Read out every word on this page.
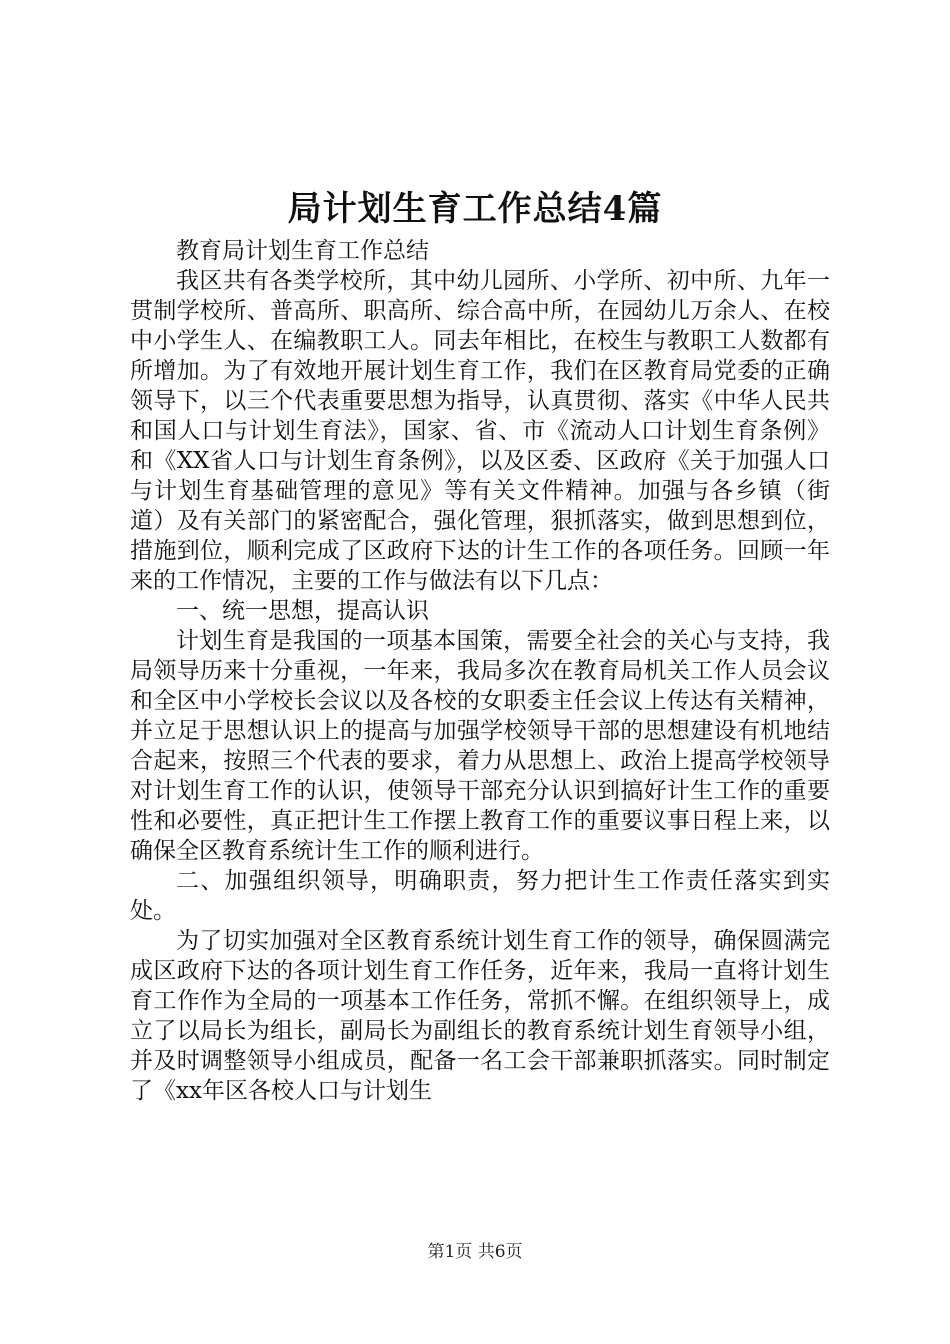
局计划生育工作总结4篇

教育局计划生育工作总结

我区共有各类学校所，其中幼儿园所、小学所、初中所、九年一贯制学校所、普高所、职高所、综合高中所，在园幼儿万余人、在校中小学生人、在编教职工人。同去年相比，在校生与教职工人数都有所增加。为了有效地开展计划生育工作，我们在区教育局党委的正确领导下，以三个代表重要思想为指导，认真贯彻、落实《中华人民共和国人口与计划生育法》，国家、省、市《流动人口计划生育条例》和《XX省人口与计划生育条例》，以及区委、区政府《关于加强人口与计划生育基础管理的意见》等有关文件精神。加强与各乡镇（街道）及有关部门的紧密配合，强化管理，狠抓落实，做到思想到位，措施到位，顺利完成了区政府下达的计生工作的各项任务。回顾一年来的工作情况，主要的工作与做法有以下几点：

一、统一思想，提高认识

计划生育是我国的一项基本国策，需要全社会的关心与支持，我局领导历来十分重视，一年来，我局多次在教育局机关工作人员会议和全区中小学校长会议以及各校的女职委主任会议上传达有关精神，并立足于思想认识上的提高与加强学校领导干部的思想建设有机地结合起来，按照三个代表的要求，着力从思想上、政治上提高学校领导对计划生育工作的认识，使领导干部充分认识到搞好计生工作的重要性和必要性，真正把计生工作摆上教育工作的重要议事日程上来，以确保全区教育系统计生工作的顺利进行。

二、加强组织领导，明确职责，努力把计生工作责任落实到实处。

为了切实加强对全区教育系统计划生育工作的领导，确保圆满完成区政府下达的各项计划生育工作任务，近年来，我局一直将计划生育工作作为全局的一项基本工作任务，常抓不懈。在组织领导上，成立了以局长为组长，副局长为副组长的教育系统计划生育领导小组，并及时调整领导小组成员，配备一名工会干部兼职抓落实。同时制定了《xx年区各校人口与计划生

第1页 共6页
